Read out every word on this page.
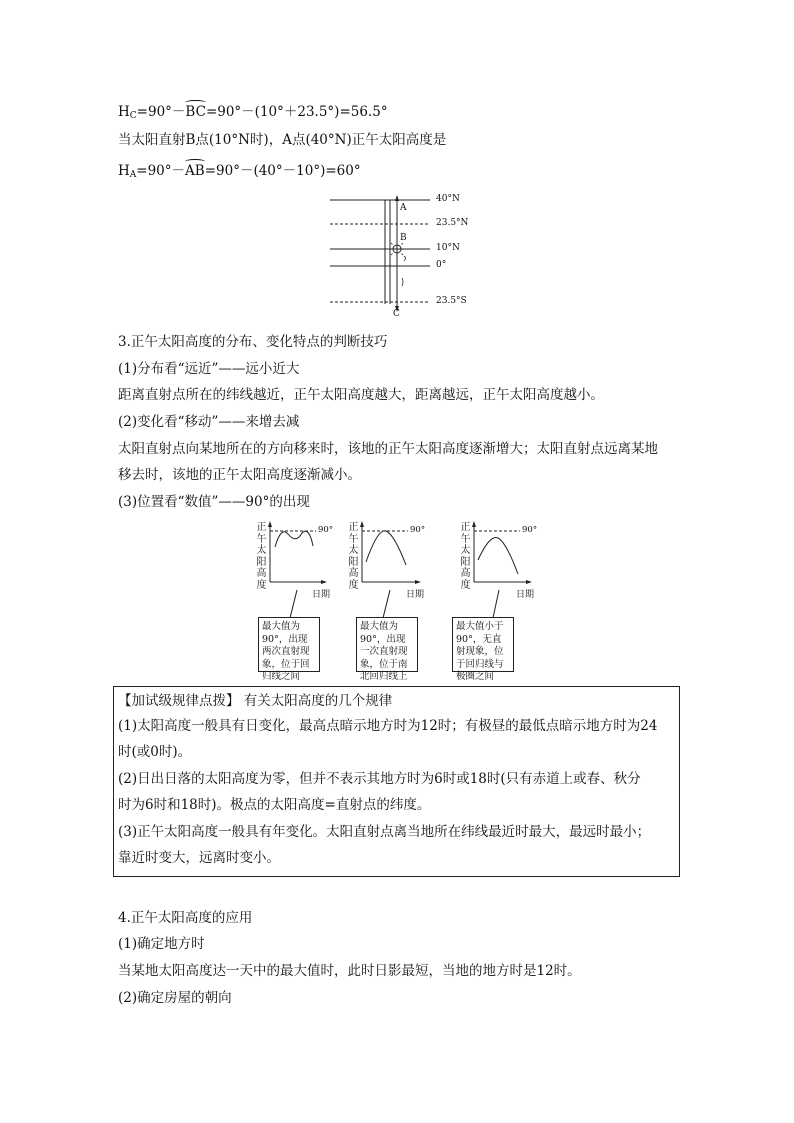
$H_C=90^\circ-BC=90^\circ-(10^\circ+23.5^\circ)=56.5^\circ$
当太阳直射B点(10°N时)，A点(40°N)正午太阳高度是
$H_A=90^\circ-AB=90^\circ-(40^\circ-10^\circ)=60^\circ$
40°N
23.5°N
10°N
0°
23.5°S
A
B
C
3.正午太阳高度的分布、变化特点的判断技巧
(1)分布看“远近”——远小近大
距离直射点所在的纬线越近，正午太阳高度越大，距离越远，正午太阳高度越小。
(2)变化看“移动”——来增去减
太阳直射点向某地所在的方向移来时，该地的正午太阳高度逐渐增大；太阳直射点远离某地
移去时，该地的正午太阳高度逐渐减小。
(3)位置看“数值”——90°的出现
正
午
太
阳
高
度
正
午
太
阳
高
度
正
午
太
阳
高
度
90°	90°	90°
日期	日期	日期
最大值为90°，出现两次直射现象，位于回归线之间
最大值为90°，出现一次直射现象，位于南北回归线上
最大值小于90°，无直射现象，位于回归线与极圈之间
【加试级规律点拨】 有关太阳高度的几个规律
(1)太阳高度一般具有日变化，最高点暗示地方时为12时；有极昼的最低点暗示地方时为24
时(或0时)。
(2)日出日落的太阳高度为零，但并不表示其地方时为6时或18时(只有赤道上或春、秋分
时为6时和18时)。极点的太阳高度=直射点的纬度。
(3)正午太阳高度一般具有年变化。太阳直射点离当地所在纬线最近时最大，最远时最小；
靠近时变大，远离时变小。
4.正午太阳高度的应用
(1)确定地方时
当某地太阳高度达一天中的最大值时，此时日影最短，当地的地方时是12时。
(2)确定房屋的朝向
